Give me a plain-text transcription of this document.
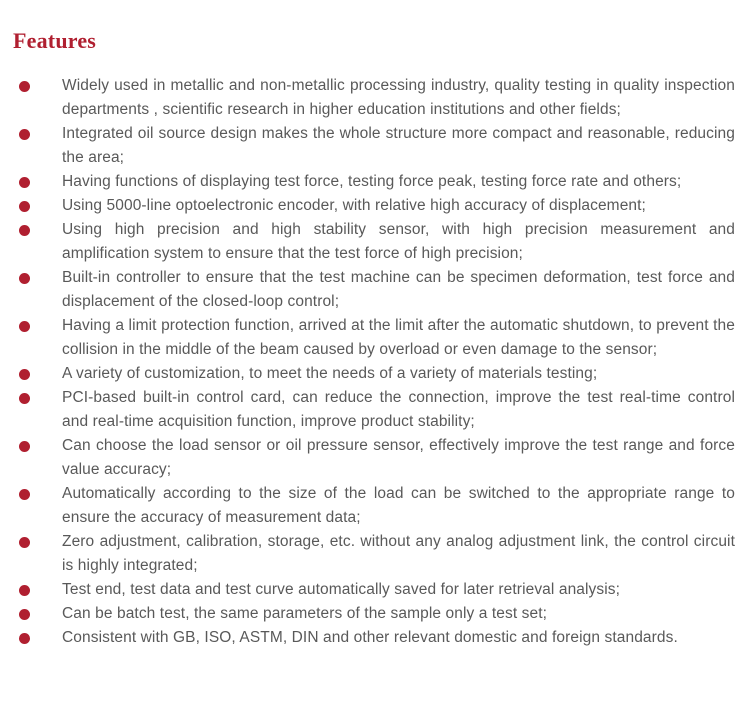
Features

Widely used in metallic and non-metallic processing industry, quality testing in quality inspection departments , scientific research in higher education institutions and other fields;

Integrated oil source design makes the whole structure more compact and reasonable, reducing the area;

Having functions of displaying test force, testing force peak, testing force rate and others;

Using 5000-line optoelectronic encoder, with relative high accuracy of displacement;

Using high precision and high stability sensor, with high precision measurement and amplification system to ensure that the test force of high precision;

Built-in controller to ensure that the test machine can be specimen deformation, test force and displacement of the closed-loop control;

Having a limit protection function, arrived at the limit after the automatic shutdown, to prevent the collision in the middle of the beam caused by overload or even damage to the sensor;

A variety of customization, to meet the needs of a variety of materials testing;

PCI-based built-in control card, can reduce the connection, improve the test real-time control and real-time acquisition function, improve product stability;

Can choose the load sensor or oil pressure sensor, effectively improve the test range and force value accuracy;

Automatically according to the size of the load can be switched to the appropriate range to ensure the accuracy of measurement data;

Zero adjustment, calibration, storage, etc. without any analog adjustment link, the control circuit is highly integrated;

Test end, test data and test curve automatically saved for later retrieval analysis;

Can be batch test, the same parameters of the sample only a test set;

Consistent with GB, ISO, ASTM, DIN and other relevant domestic and foreign standards.
